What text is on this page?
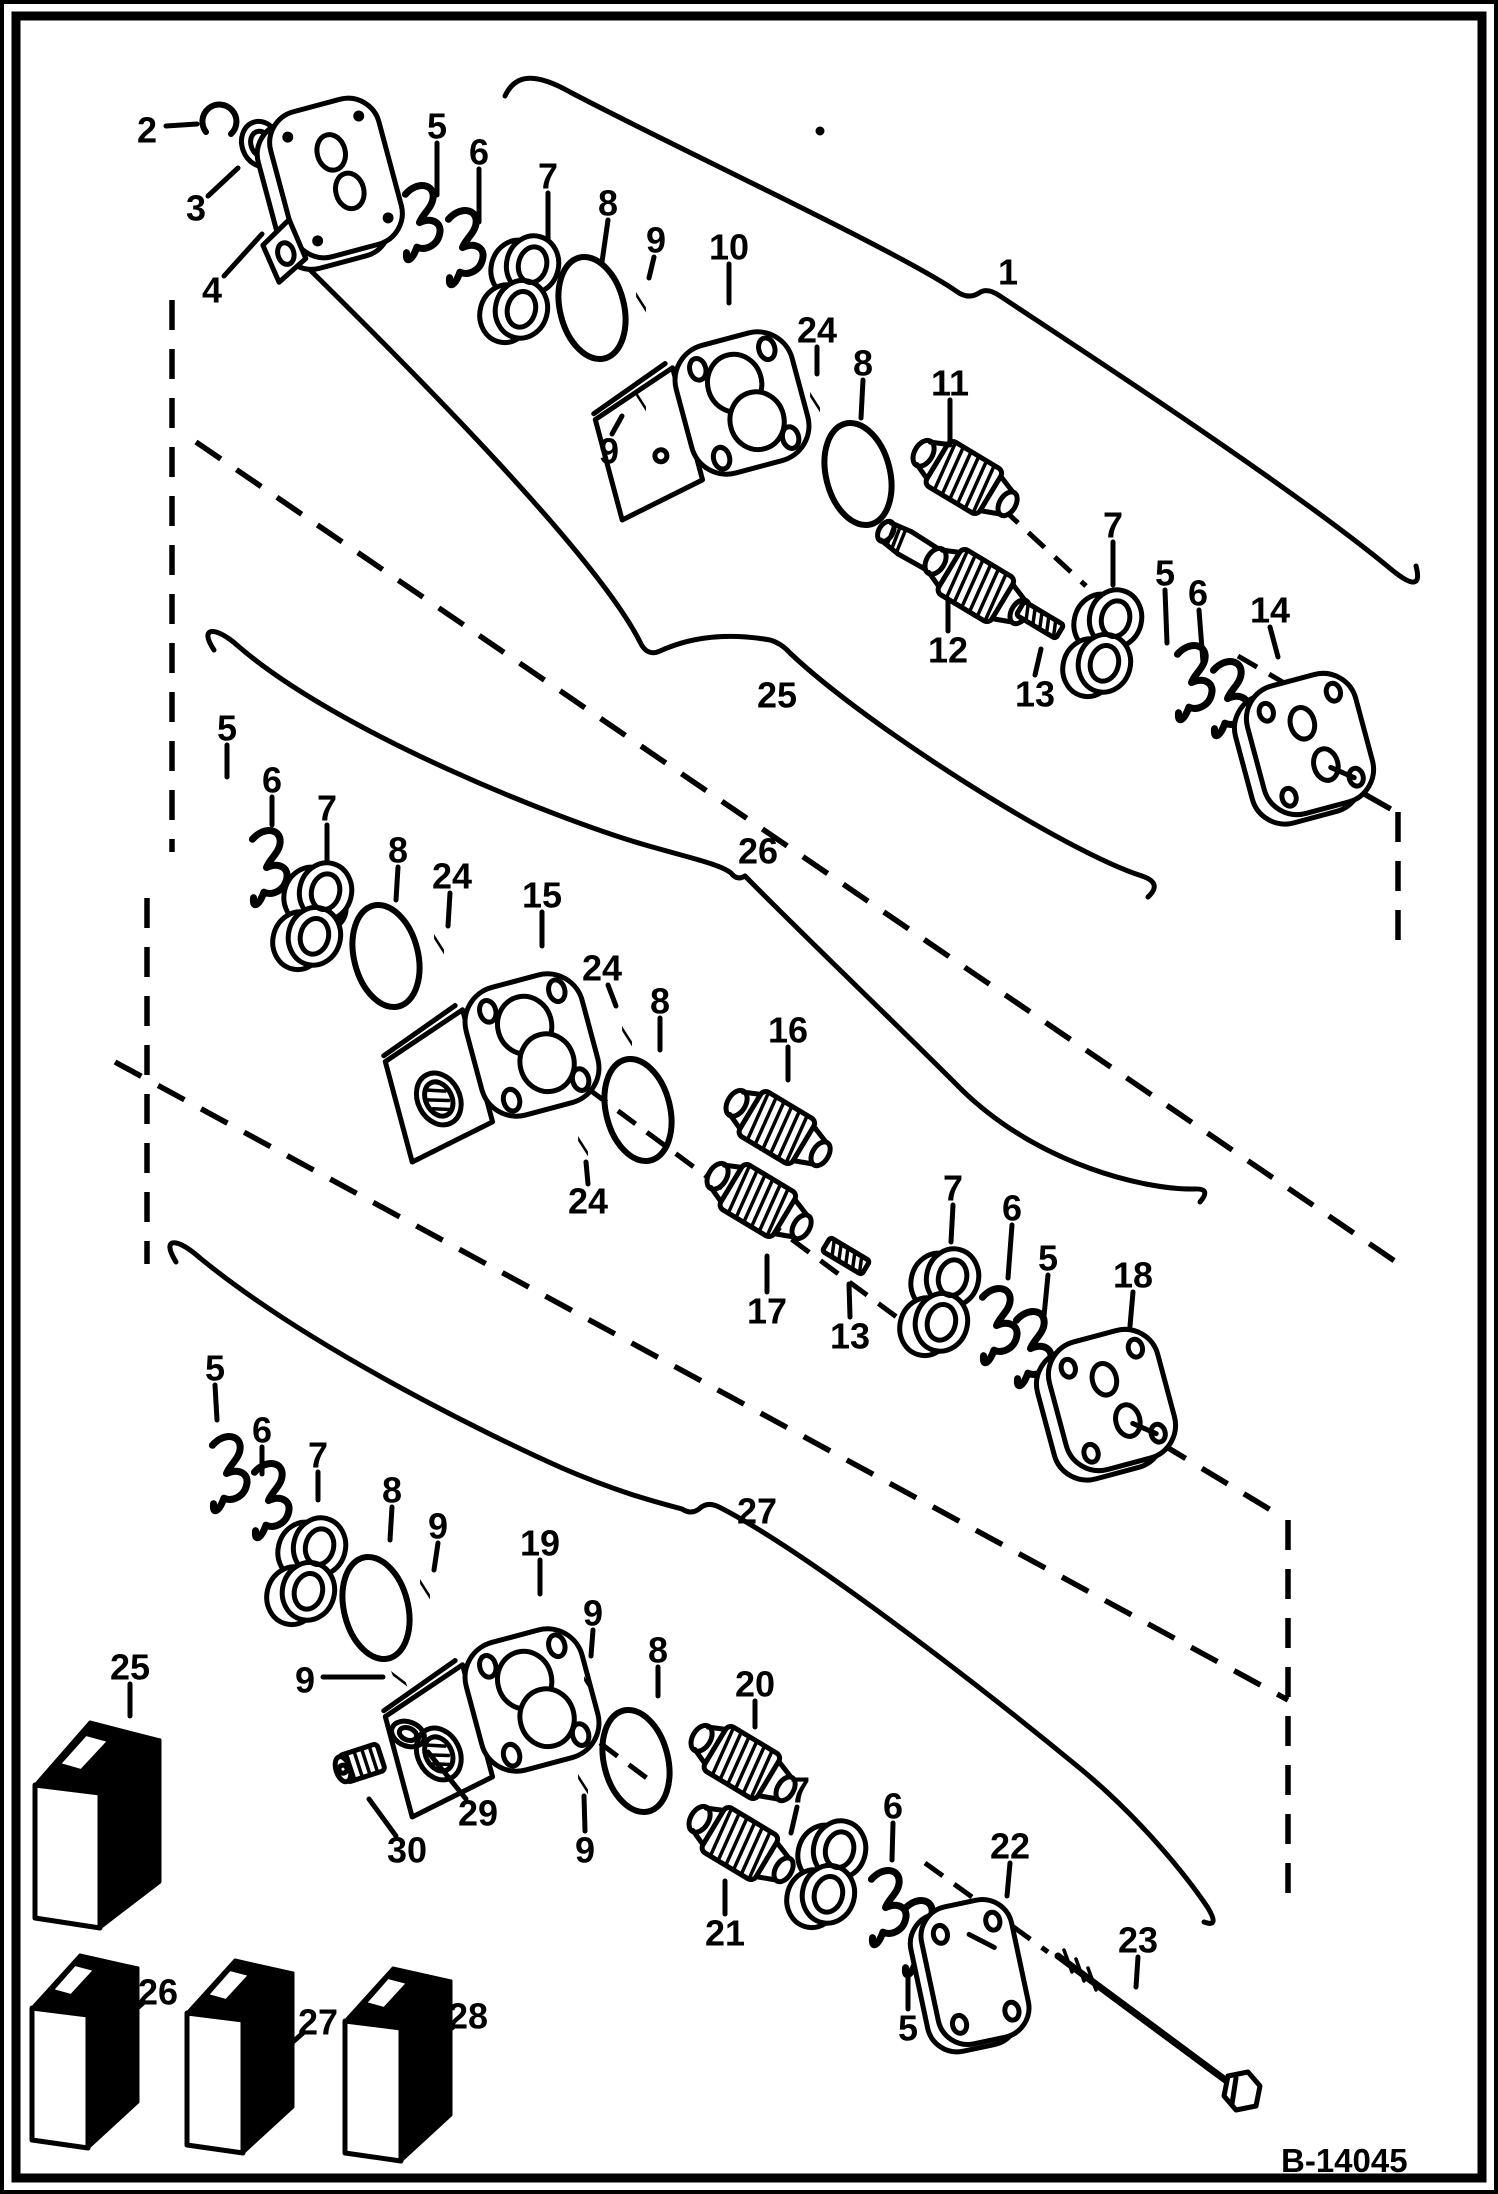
1
2
3
4
5
6
7
8
9 10
24
9
8 11
12
13
7
5 6 14
25
5
6
7
8
24 15
24
8
16
26
24
17
13
7 6
5 18
27
5
6
7
8
9 19
9
8
20
9
29
30	9
21
7 6
22
5
23
25
26
27	28
B-14045
